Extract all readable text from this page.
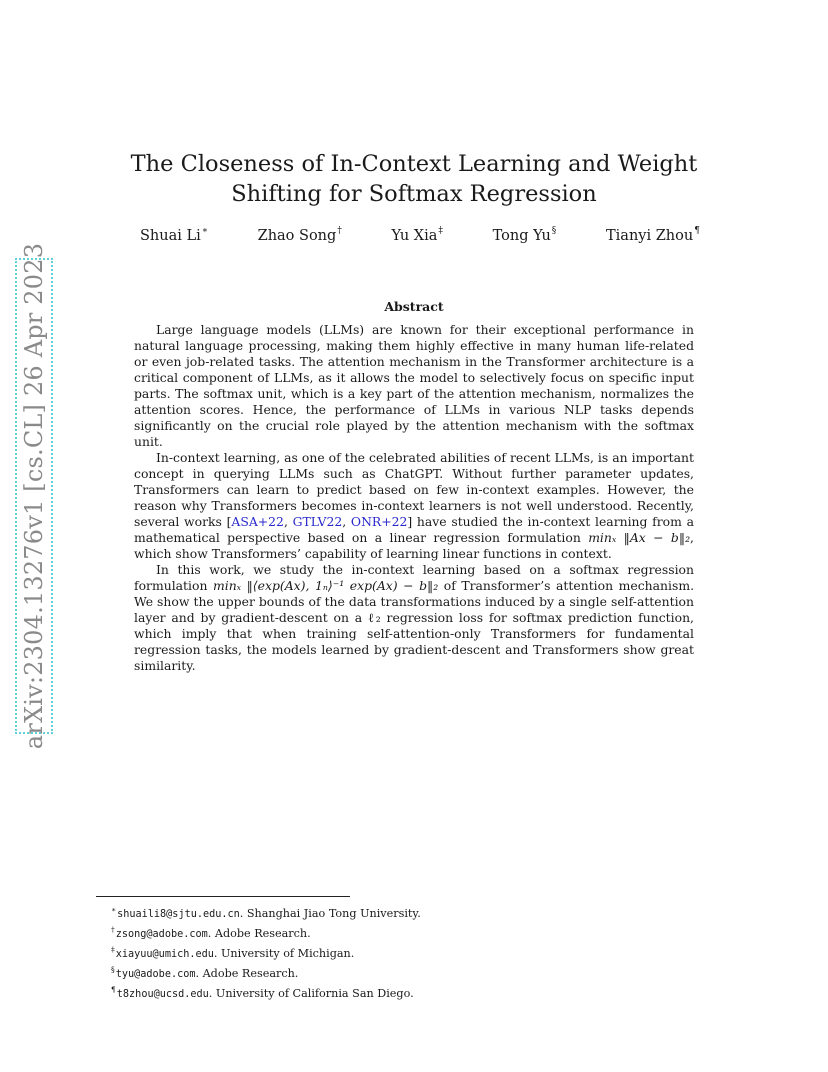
arXiv:2304.13276v1 [cs.CL] 26 Apr 2023
The Closeness of In-Context Learning and Weight Shifting for Softmax Regression
Shuai Li∗	Zhao Song†	Yu Xia‡	Tong Yu§	Tianyi Zhou¶
Abstract

Large language models (LLMs) are known for their exceptional performance in natural language processing, making them highly effective in many human life-related or even job-related tasks. The attention mechanism in the Transformer architecture is a critical component of LLMs, as it allows the model to selectively focus on specific input parts. The softmax unit, which is a key part of the attention mechanism, normalizes the attention scores. Hence, the performance of LLMs in various NLP tasks depends significantly on the crucial role played by the attention mechanism with the softmax unit.

In-context learning, as one of the celebrated abilities of recent LLMs, is an important concept in querying LLMs such as ChatGPT. Without further parameter updates, Transformers can learn to predict based on few in-context examples. However, the reason why Transformers becomes in-context learners is not well understood. Recently, several works [ASA+22, GTLV22, ONR+22] have studied the in-context learning from a mathematical perspective based on a linear regression formulation minₓ ‖Ax − b‖₂, which show Transformers’ capability of learning linear functions in context.

In this work, we study the in-context learning based on a softmax regression formulation minₓ ‖⟨exp(Ax), 1ₙ⟩⁻¹ exp(Ax) − b‖₂ of Transformer’s attention mechanism. We show the upper bounds of the data transformations induced by a single self-attention layer and by gradient-descent on a ℓ₂ regression loss for softmax prediction function, which imply that when training self-attention-only Transformers for fundamental regression tasks, the models learned by gradient-descent and Transformers show great similarity.

∗shuaili8@sjtu.edu.cn. Shanghai Jiao Tong University.
†zsong@adobe.com. Adobe Research.
‡xiayuu@umich.edu. University of Michigan.
§tyu@adobe.com. Adobe Research.
¶t8zhou@ucsd.edu. University of California San Diego.
